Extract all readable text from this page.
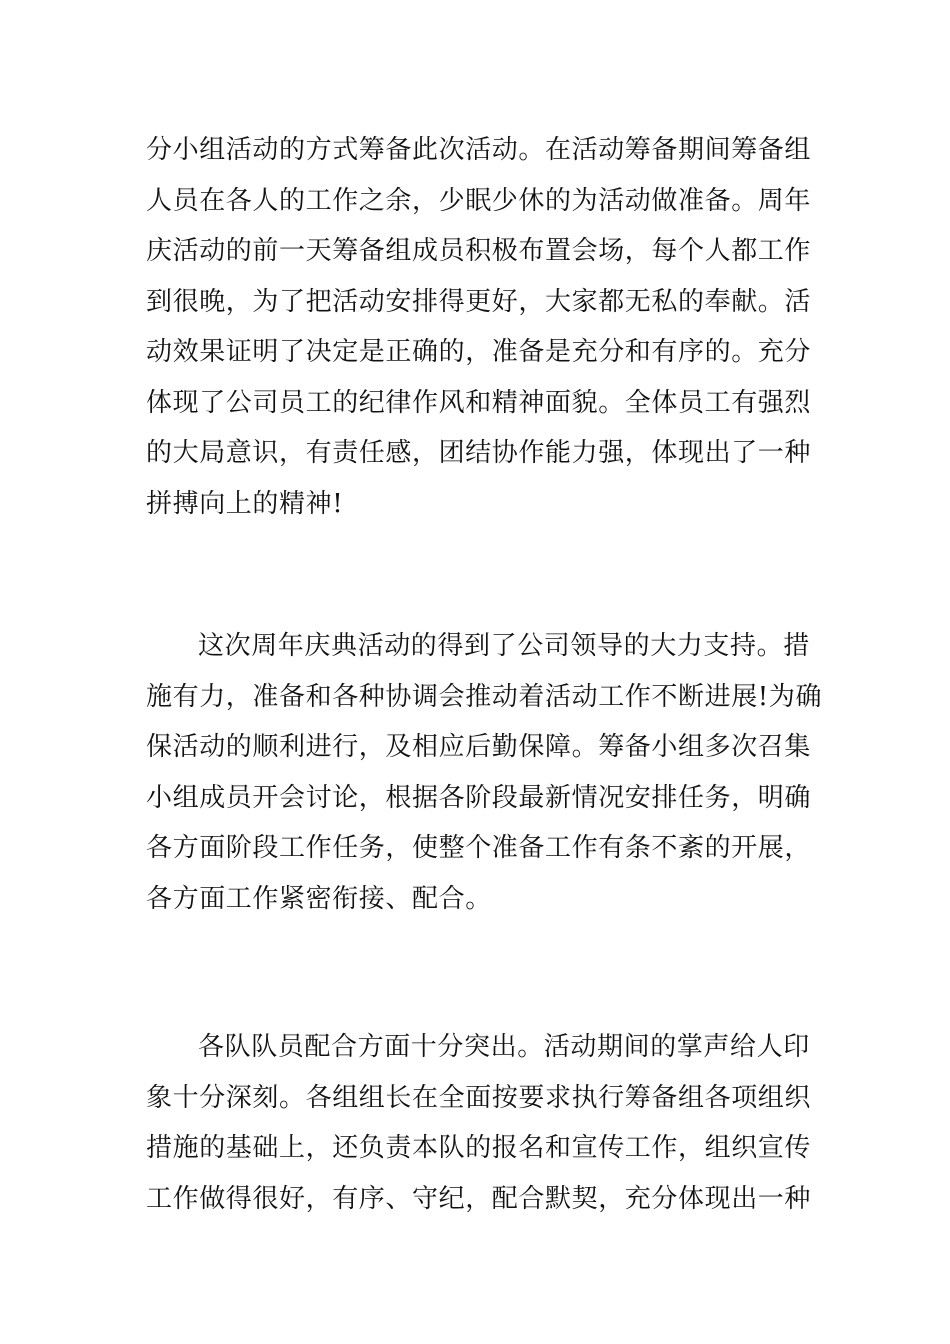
分小组活动的方式筹备此次活动。在活动筹备期间筹备组
人员在各人的工作之余，少眠少休的为活动做准备。周年
庆活动的前一天筹备组成员积极布置会场，每个人都工作
到很晚，为了把活动安排得更好，大家都无私的奉献。活
动效果证明了决定是正确的，准备是充分和有序的。充分
体现了公司员工的纪律作风和精神面貌。全体员工有强烈
的大局意识，有责任感，团结协作能力强，体现出了一种
拼搏向上的精神!
这次周年庆典活动的得到了公司领导的大力支持。措
施有力，准备和各种协调会推动着活动工作不断进展!为确
保活动的顺利进行，及相应后勤保障。筹备小组多次召集
小组成员开会讨论，根据各阶段最新情况安排任务，明确
各方面阶段工作任务，使整个准备工作有条不紊的开展，
各方面工作紧密衔接、配合。
各队队员配合方面十分突出。活动期间的掌声给人印
象十分深刻。各组组长在全面按要求执行筹备组各项组织
措施的基础上，还负责本队的报名和宣传工作，组织宣传
工作做得很好，有序、守纪，配合默契，充分体现出一种
